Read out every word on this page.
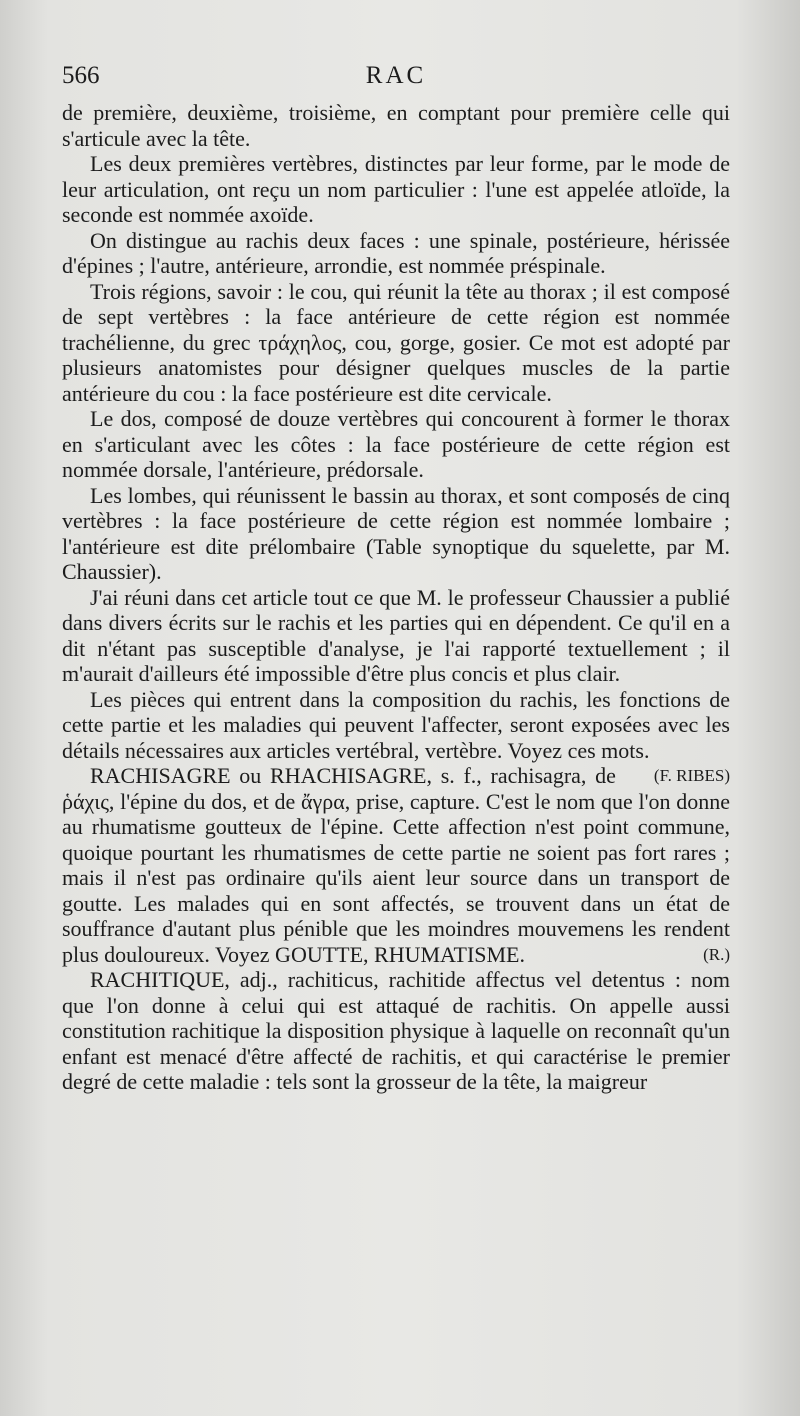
566	RAC

de première, deuxième, troisième, en comptant pour première celle qui s'articule avec la tête.

Les deux premières vertèbres, distinctes par leur forme, par le mode de leur articulation, ont reçu un nom particulier : l'une est appelée atloïde, la seconde est nommée axoïde.

On distingue au rachis deux faces : une spinale, postérieure, hérissée d'épines ; l'autre, antérieure, arrondie, est nommée préspinale.

Trois régions, savoir : le cou, qui réunit la tête au thorax ; il est composé de sept vertèbres : la face antérieure de cette région est nommée trachélienne, du grec τράχηλος, cou, gorge, gosier. Ce mot est adopté par plusieurs anatomistes pour désigner quelques muscles de la partie antérieure du cou : la face postérieure est dite cervicale.

Le dos, composé de douze vertèbres qui concourent à former le thorax en s'articulant avec les côtes : la face postérieure de cette région est nommée dorsale, l'antérieure, prédorsale.

Les lombes, qui réunissent le bassin au thorax, et sont composés de cinq vertèbres : la face postérieure de cette région est nommée lombaire ; l'antérieure est dite prélombaire (Table synoptique du squelette, par M. Chaussier).

J'ai réuni dans cet article tout ce que M. le professeur Chaussier a publié dans divers écrits sur le rachis et les parties qui en dépendent. Ce qu'il en a dit n'étant pas susceptible d'analyse, je l'ai rapporté textuellement ; il m'aurait d'ailleurs été impossible d'être plus concis et plus clair.

Les pièces qui entrent dans la composition du rachis, les fonctions de cette partie et les maladies qui peuvent l'affecter, seront exposées avec les détails nécessaires aux articles vertébral, vertèbre. Voyez ces mots.
(F. RIBES)

RACHISAGRE ou RHACHISAGRE, s. f., rachisagra, de ῥάχις, l'épine du dos, et de ἄγρα, prise, capture. C'est le nom que l'on donne au rhumatisme goutteux de l'épine. Cette affection n'est point commune, quoique pourtant les rhumatismes de cette partie ne soient pas fort rares ; mais il n'est pas ordinaire qu'ils aient leur source dans un transport de goutte. Les malades qui en sont affectés, se trouvent dans un état de souffrance d'autant plus pénible que les moindres mouvemens les rendent plus douloureux. Voyez GOUTTE, RHUMATISME.	(R.)

RACHITIQUE, adj., rachiticus, rachitide affectus vel detentus : nom que l'on donne à celui qui est attaqué de rachitis. On appelle aussi constitution rachitique la disposition physique à laquelle on reconnaît qu'un enfant est menacé d'être affecté de rachitis, et qui caractérise le premier degré de cette maladie : tels sont la grosseur de la tête, la maigreur
